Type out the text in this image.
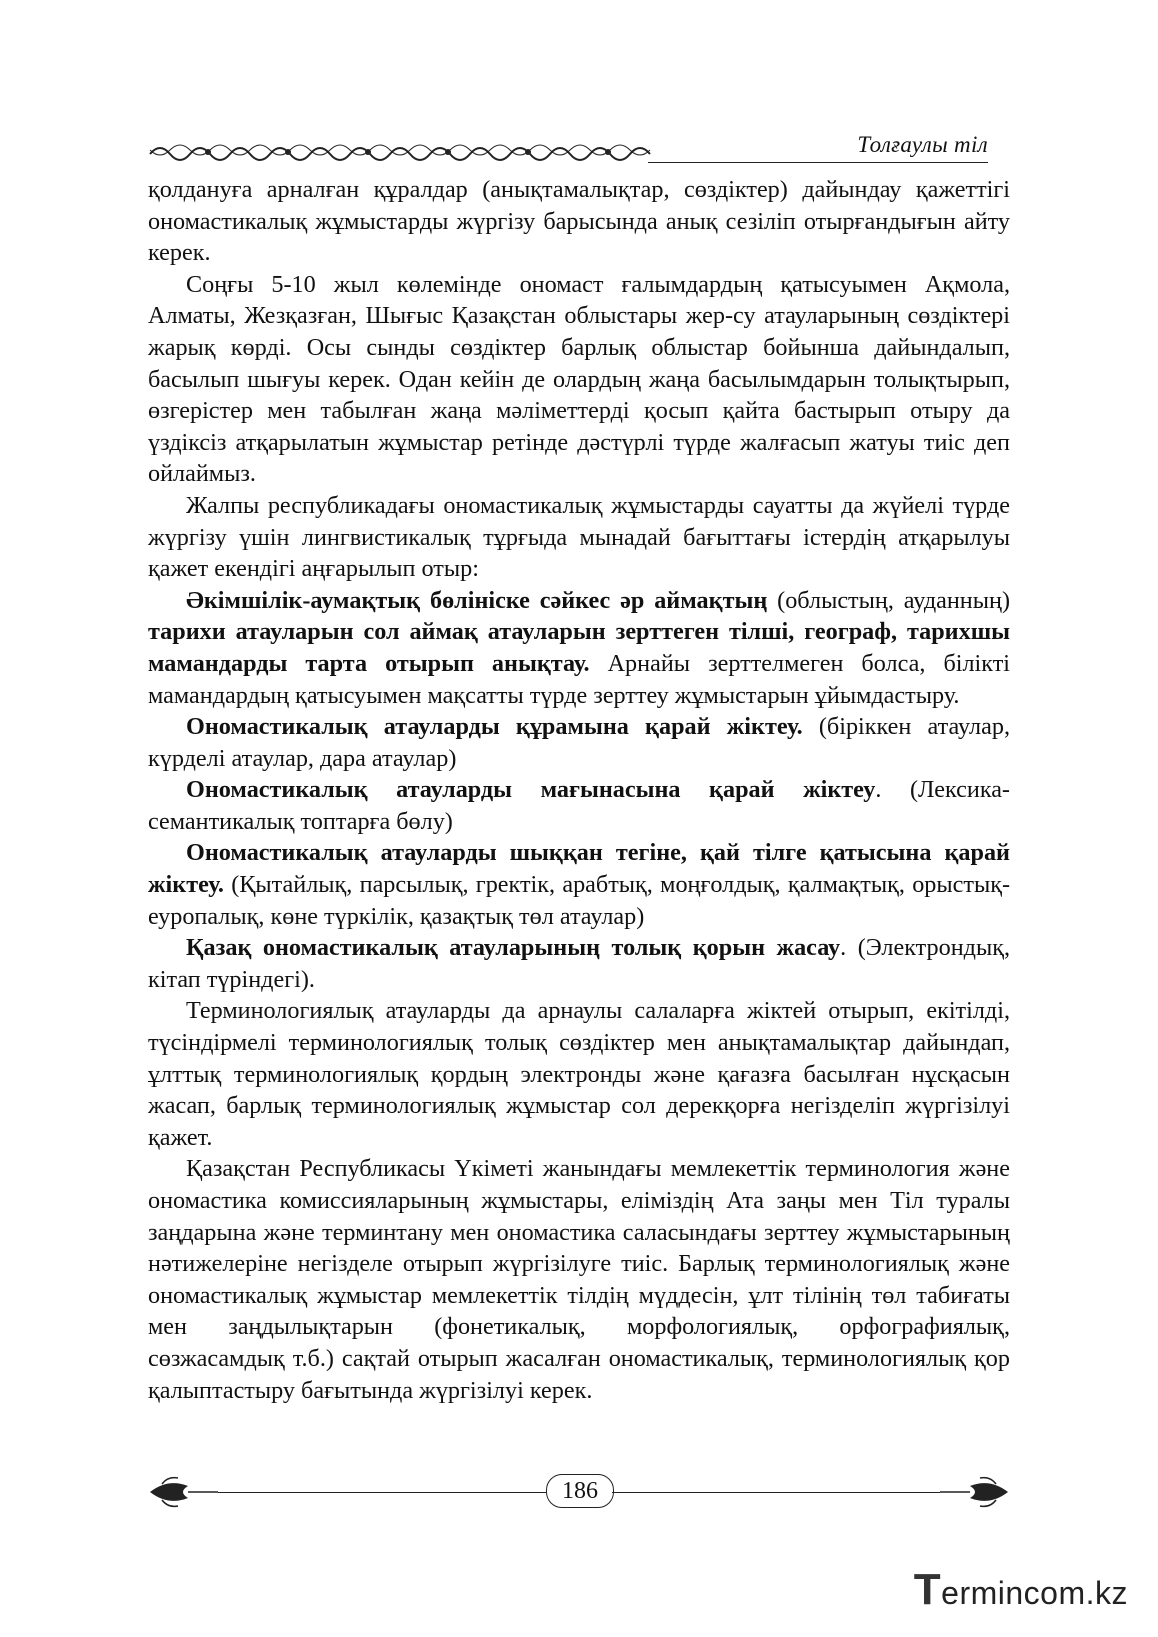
Толғаулы тіл

қолдануға арналған құралдар (анықтамалықтар, сөздіктер) дайындау қажеттігі ономастикалық жұмыстарды жүргізу барысында анық сезіліп отырғандығын айту керек.

Соңғы 5-10 жыл көлемінде ономаст ғалымдардың қатысуымен Ақмола, Алматы, Жезқазған, Шығыс Қазақстан облыстары жер-су атауларының сөздіктері жарық көрді. Осы сынды сөздіктер барлық облыстар бойынша дайындалып, басылып шығуы керек. Одан кейін де олардың жаңа басылымдарын толықтырып, өзгерістер мен табылған жаңа мәліметтерді қосып қайта бастырып отыру да үздіксіз атқарылатын жұмыстар ретінде дәстүрлі түрде жалғасып жатуы тиіс деп ойлаймыз.

Жалпы республикадағы ономастикалық жұмыстарды сауатты да жүйелі түрде жүргізу үшін лингвистикалық тұрғыда мынадай бағыттағы істердің атқарылуы қажет екендігі аңғарылып отыр:

Әкімшілік-аумақтық бөлініске сәйкес әр аймақтың (облыстың, ауданның) тарихи атауларын сол аймақ атауларын зерттеген тілші, географ, тарихшы мамандарды тарта отырып анықтау. Арнайы зерттелмеген болса, білікті мамандардың қатысуымен мақсатты түрде зерттеу жұмыстарын ұйымдастыру.

Ономастикалық атауларды құрамына қарай жіктеу. (біріккен атаулар, күрделі атаулар, дара атаулар)

Ономастикалық атауларды мағынасына қарай жіктеу. (Лексика-семантикалық топтарға бөлу)

Ономастикалық атауларды шыққан тегіне, қай тілге қатысына қарай жіктеу. (Қытайлық, парсылық, гректік, арабтық, моңғолдық, қалмақтық, орыстық-еуропалық, көне түркілік, қазақтық төл атаулар)

Қазақ ономастикалық атауларының толық қорын жасау. (Электрондық, кітап түріндегі).

Терминологиялық атауларды да арнаулы салаларға жіктей отырып, екітілді, түсіндірмелі терминологиялық толық сөздіктер мен анықтамалықтар дайындап, ұлттық терминологиялық қордың электронды және қағазға басылған нұсқасын жасап, барлық терминологиялық жұмыстар сол дерекқорға негізделіп жүргізілуі қажет.

Қазақстан Республикасы Үкіметі жанындағы мемлекеттік терминология және ономастика комиссияларының жұмыстары, еліміздің Ата заңы мен Тіл туралы заңдарына және терминтану мен ономастика саласындағы зерттеу жұмыстарының нәтижелеріне негізделе отырып жүргізілуге тиіс. Барлық терминологиялық және ономастикалық жұмыстар мемлекеттік тілдің мүддесін, ұлт тілінің төл табиғаты мен заңдылықтарын (фонетикалық, морфологиялық, орфографиялық, сөзжасамдық т.б.) сақтай отырып жасалған ономастикалық, терминологиялық қор қалыптастыру бағытында жүргізілуі керек.

186
Termincom.kz
